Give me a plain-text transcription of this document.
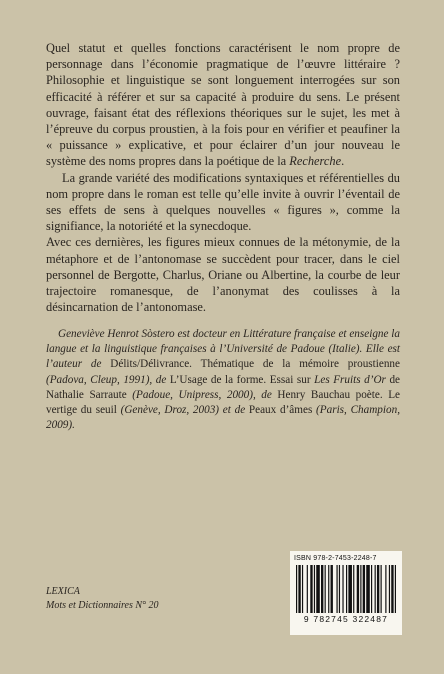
Quel statut et quelles fonctions caractérisent le nom propre de personnage dans l’économie pragmatique de l’œuvre littéraire ? Philosophie et linguistique se sont longuement interrogées sur son efficacité à référer et sur sa capacité à produire du sens. Le présent ouvrage, faisant état des réflexions théoriques sur le sujet, les met à l’épreuve du corpus proustien, à la fois pour en vérifier et peaufiner la « puissance » explicative, et pour éclairer d’un jour nouveau le système des noms propres dans la poétique de la Recherche.

La grande variété des modifications syntaxiques et référentielles du nom propre dans le roman est telle qu’elle invite à ouvrir l’éventail de ses effets de sens à quelques nouvelles « figures », comme la signifiance, la notoriété et la synecdoque.

Avec ces dernières, les figures mieux connues de la métonymie, de la métaphore et de l’antonomase se succèdent pour tracer, dans le ciel personnel de Bergotte, Charlus, Oriane ou Albertine, la courbe de leur trajectoire romanesque, de l’anonymat des coulisses à la désincarnation de l’antonomase.

Geneviève Henrot Sòstero est docteur en Littérature française et enseigne la langue et la linguistique françaises à l’Université de Padoue (Italie). Elle est l’auteur de Délits/Délivrance. Thématique de la mémoire proustienne (Padova, Cleup, 1991), de L’Usage de la forme. Essai sur Les Fruits d’Or de Nathalie Sarraute (Padoue, Unipress, 2000), de Henry Bauchau poète. Le vertige du seuil (Genève, Droz, 2003) et de Peaux d’âmes (Paris, Champion, 2009).

LEXICA
Mots et Dictionnaires N° 20
ISBN 978-2-7453-2248-7
9 782745 322487
